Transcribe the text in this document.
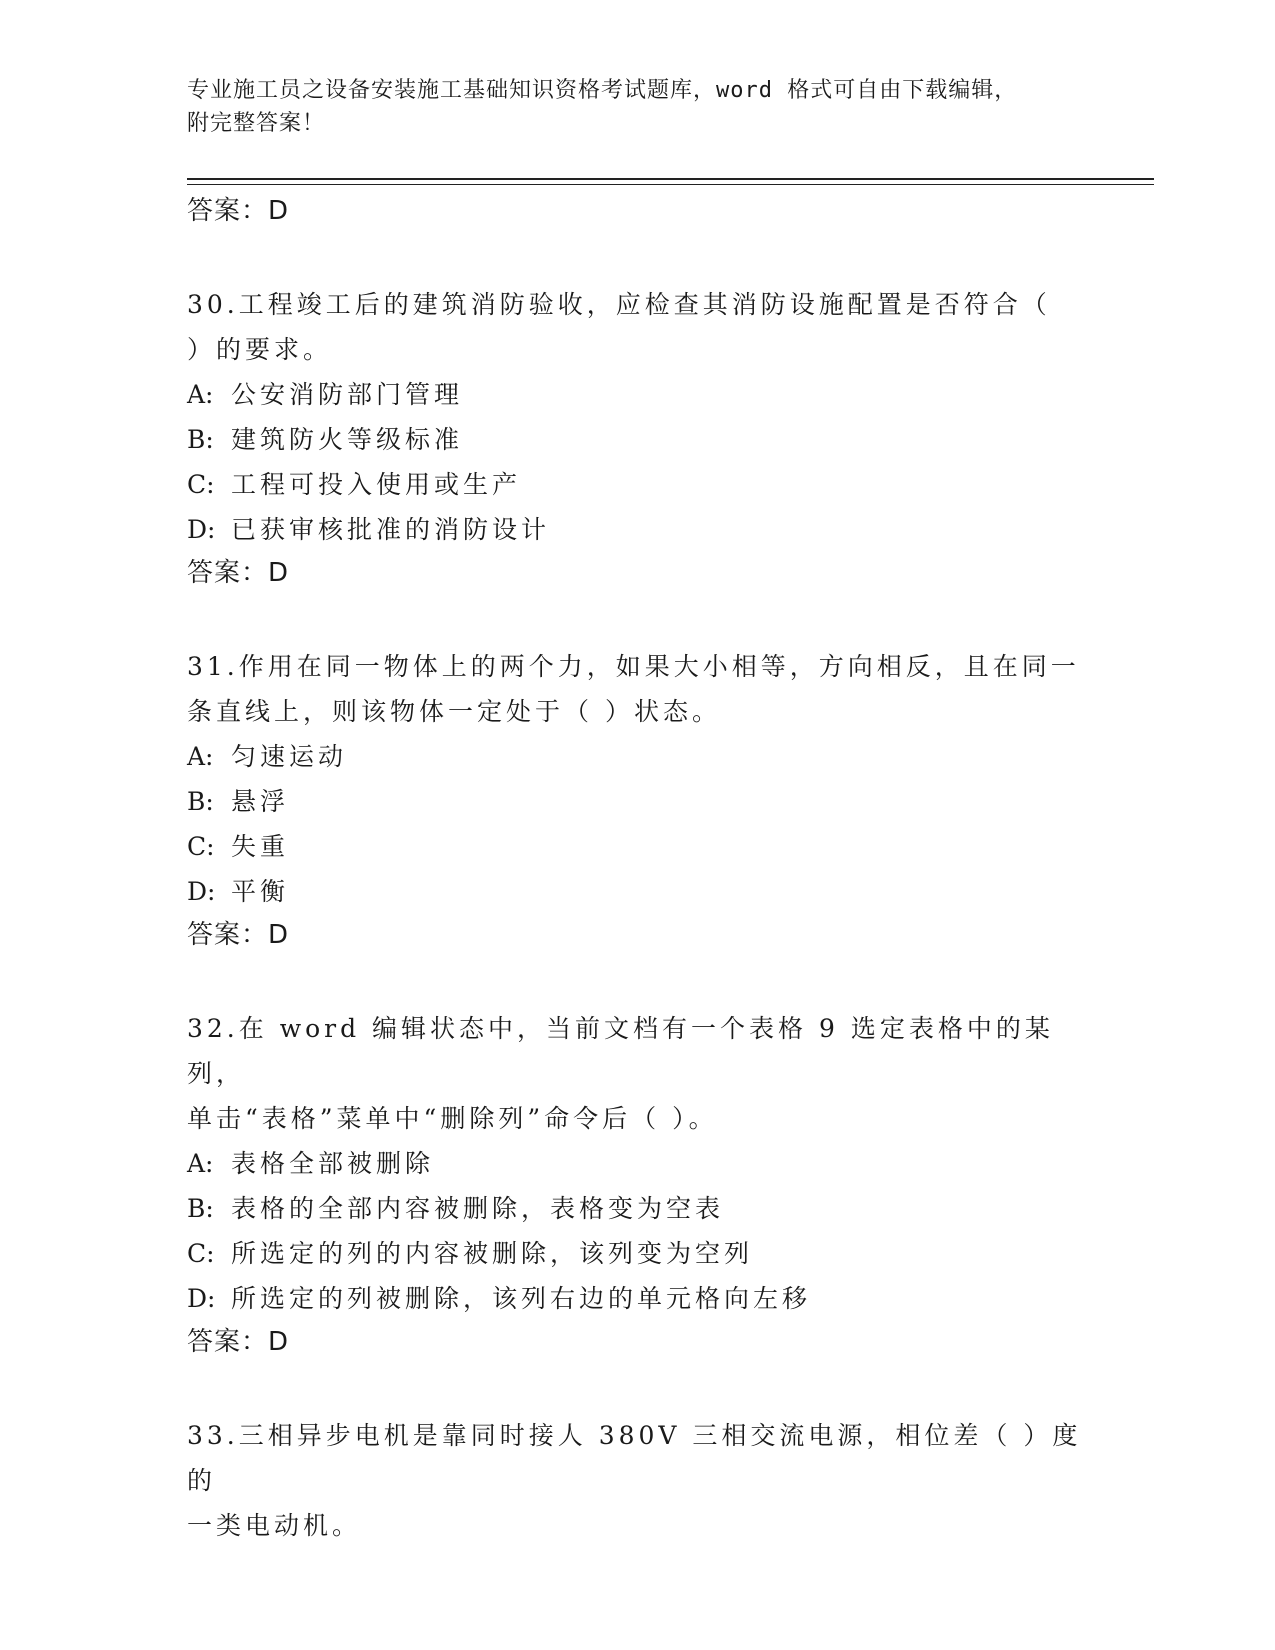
专业施工员之设备安装施工基础知识资格考试题库，word 格式可自由下载编辑，
附完整答案！
答案：D

30.工程竣工后的建筑消防验收，应检查其消防设施配置是否符合（

）的要求。

A: 公安消防部门管理
B: 建筑防火等级标准
C: 工程可投入使用或生产
D: 已获审核批准的消防设计
答案：D

31.作用在同一物体上的两个力，如果大小相等，方向相反，且在同一

条直线上，则该物体一定处于（ ）状态。

A: 匀速运动
B: 悬浮
C: 失重
D: 平衡
答案：D

32.在 word 编辑状态中，当前文档有一个表格 9 选定表格中的某列，

单击“表格”菜单中“删除列”命令后（ ）。

A: 表格全部被删除
B: 表格的全部内容被删除，表格变为空表
C: 所选定的列的内容被删除，该列变为空列
D: 所选定的列被删除，该列右边的单元格向左移
答案：D

33.三相异步电机是靠同时接人 380V 三相交流电源，相位差（ ）度的

一类电动机。
